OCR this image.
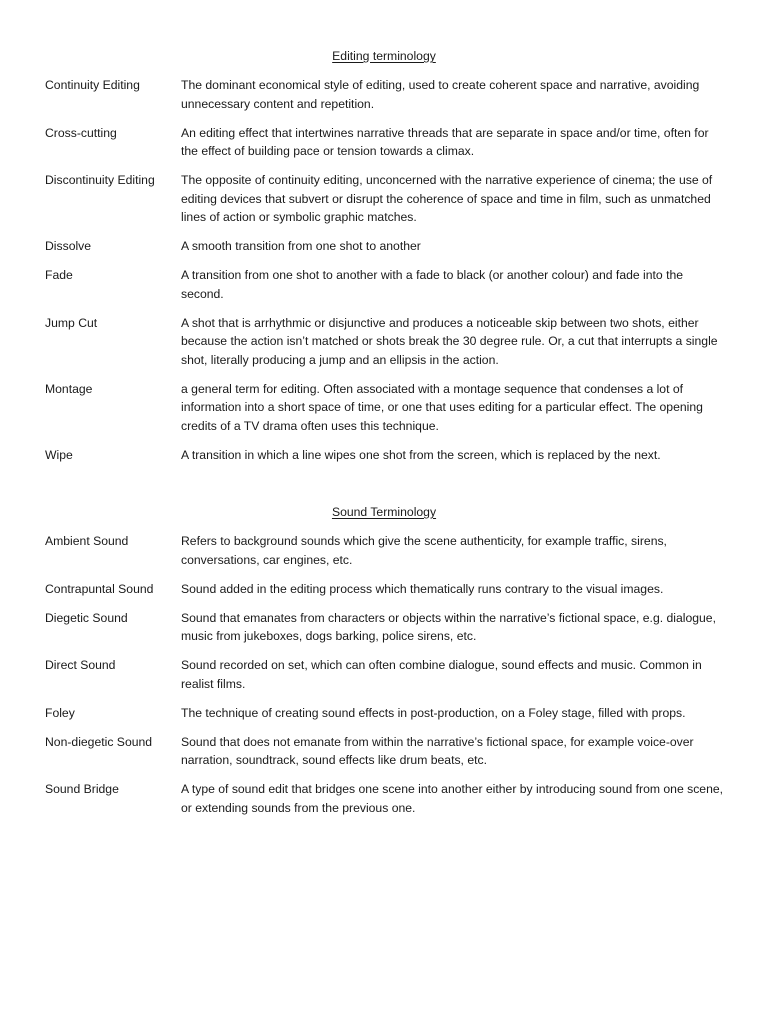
Editing terminology
Continuity Editing	The dominant economical style of editing, used to create coherent space and narrative, avoiding unnecessary content and repetition.
Cross-cutting	An editing effect that intertwines narrative threads that are separate in space and/or time, often for the effect of building pace or tension towards a climax.
Discontinuity Editing	The opposite of continuity editing, unconcerned with the narrative experience of cinema; the use of editing devices that subvert or disrupt the coherence of space and time in film, such as unmatched lines of action or symbolic graphic matches.
Dissolve	A smooth transition from one shot to another
Fade	A transition from one shot to another with a fade to black (or another colour) and fade into the second.
Jump Cut	A shot that is arrhythmic or disjunctive and produces a noticeable skip between two shots, either because the action isn’t matched or shots break the 30 degree rule. Or, a cut that interrupts a single shot, literally producing a jump and an ellipsis in the action.
Montage	a general term for editing. Often associated with a montage sequence that condenses a lot of information into a short space of time, or one that uses editing for a particular effect. The opening credits of a TV drama often uses this technique.
Wipe	A transition in which a line wipes one shot from the screen, which is replaced by the next.
Sound Terminology
Ambient Sound	Refers to background sounds which give the scene authenticity, for example traffic, sirens, conversations, car engines, etc.
Contrapuntal Sound	Sound added in the editing process which thematically runs contrary to the visual images.
Diegetic Sound	Sound that emanates from characters or objects within the narrative’s fictional space, e.g. dialogue, music from jukeboxes, dogs barking, police sirens, etc.
Direct Sound	Sound recorded on set, which can often combine dialogue, sound effects and music. Common in realist films.
Foley	The technique of creating sound effects in post-production, on a Foley stage, filled with props.
Non-diegetic Sound	Sound that does not emanate from within the narrative’s fictional space, for example voice-over narration, soundtrack, sound effects like drum beats, etc.
Sound Bridge	A type of sound edit that bridges one scene into another either by introducing sound from one scene, or extending sounds from the previous one.
